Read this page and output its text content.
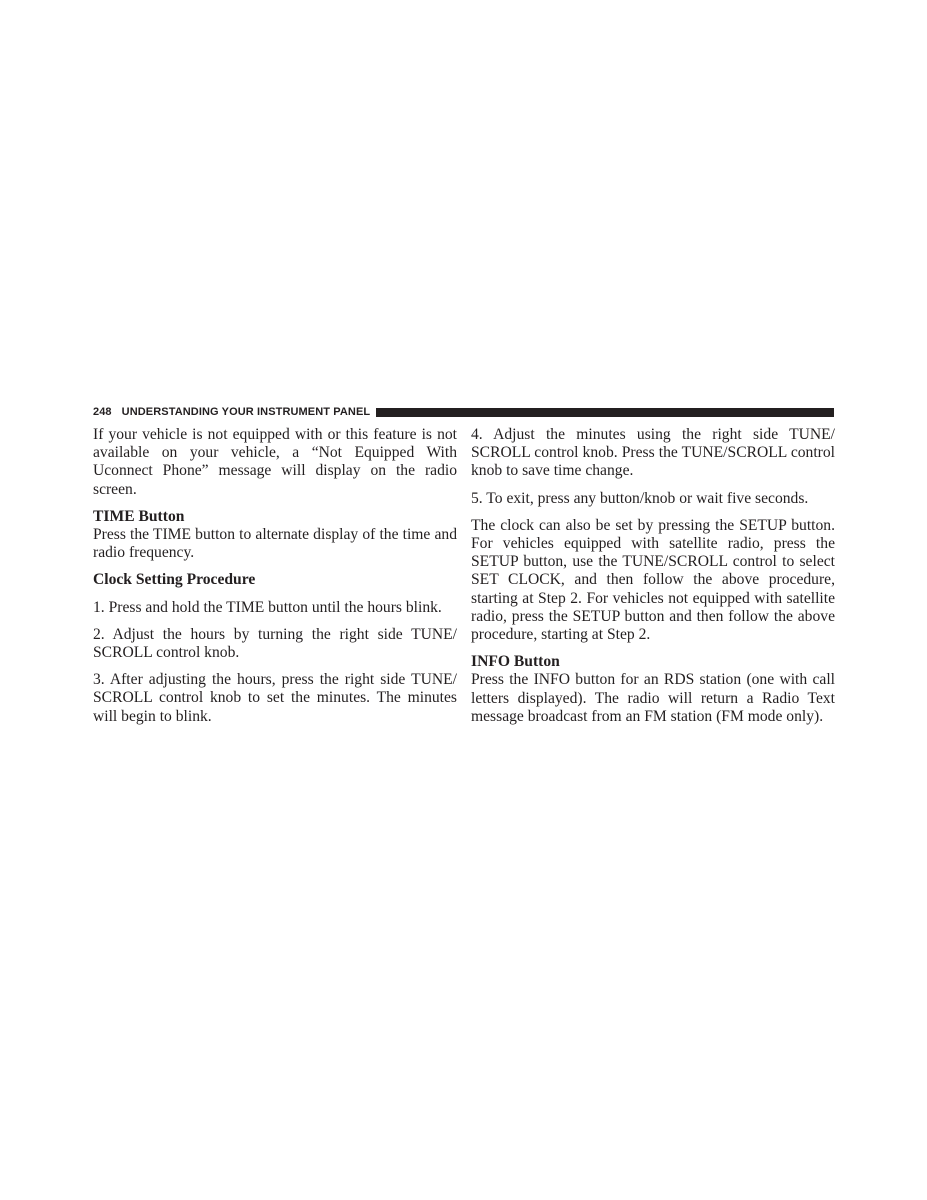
248 UNDERSTANDING YOUR INSTRUMENT PANEL

If your vehicle is not equipped with or this feature is not available on your vehicle, a “Not Equipped With Uconnect Phone” message will display on the radio screen.

TIME Button

Press the TIME button to alternate display of the time and radio frequency.

Clock Setting Procedure

1. Press and hold the TIME button until the hours blink.

2. Adjust the hours by turning the right side TUNE/ SCROLL control knob.

3. After adjusting the hours, press the right side TUNE/ SCROLL control knob to set the minutes. The minutes will begin to blink.

4. Adjust the minutes using the right side TUNE/ SCROLL control knob. Press the TUNE/SCROLL control knob to save time change.

5. To exit, press any button/knob or wait five seconds.

The clock can also be set by pressing the SETUP button. For vehicles equipped with satellite radio, press the SETUP button, use the TUNE/SCROLL control to select SET CLOCK, and then follow the above procedure, starting at Step 2. For vehicles not equipped with satellite radio, press the SETUP button and then follow the above procedure, starting at Step 2.

INFO Button

Press the INFO button for an RDS station (one with call letters displayed). The radio will return a Radio Text message broadcast from an FM station (FM mode only).
